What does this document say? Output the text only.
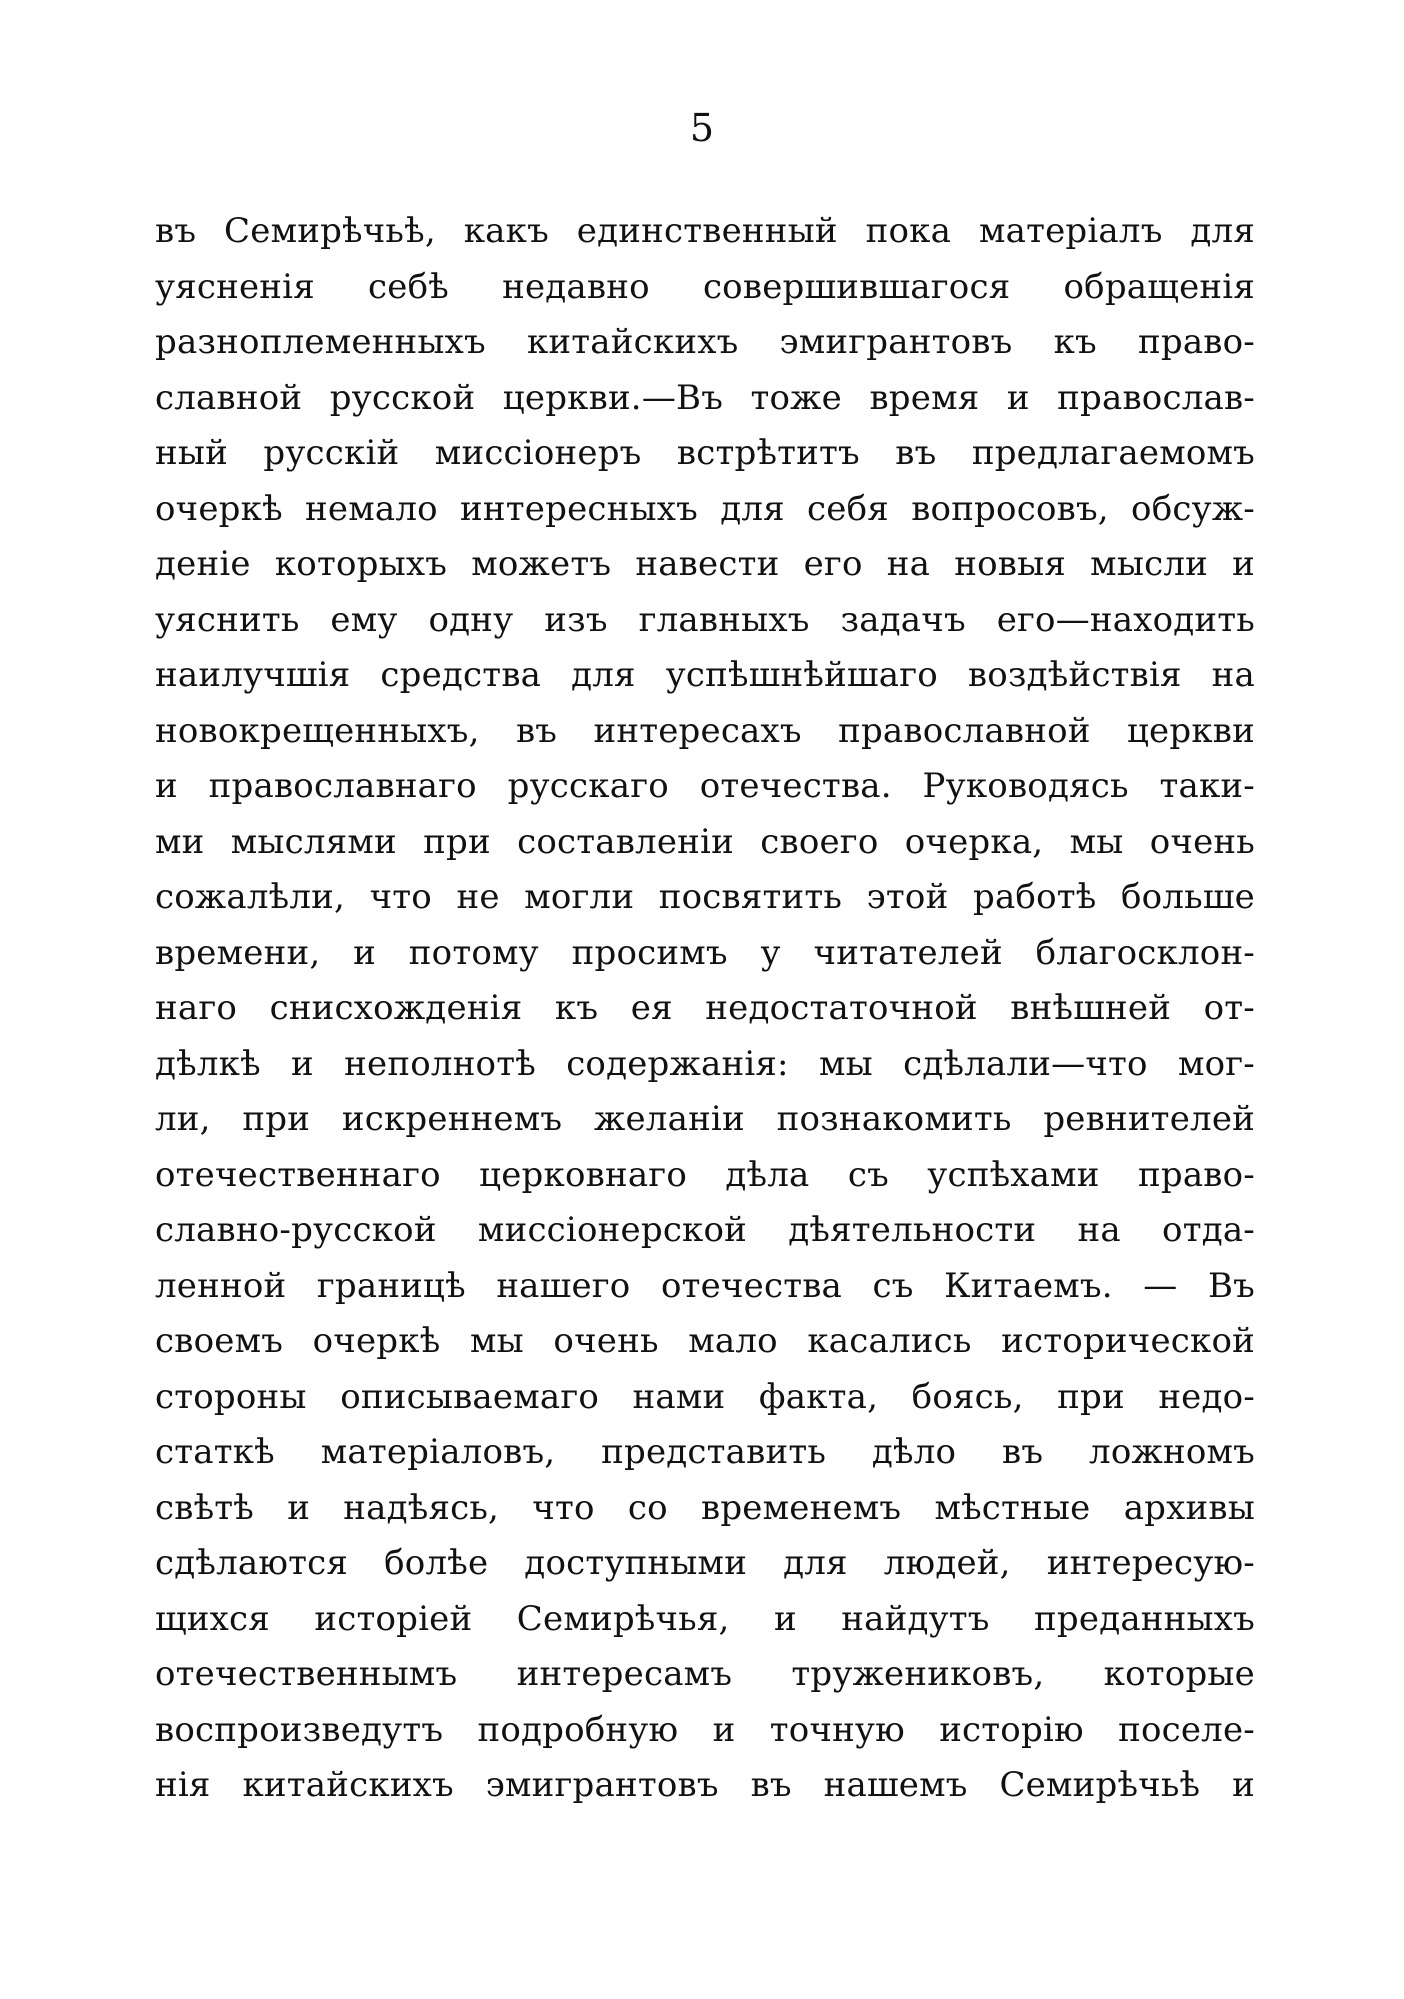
5
въ Семирѣчьѣ, какъ единственный пока матеріалъ для
уясненія себѣ недавно совершившагося обращенія
разноплеменныхъ китайскихъ эмигрантовъ къ право-
славной русской церкви.—Въ тоже время и православ-
ный русскій миссіонеръ встрѣтитъ въ предлагаемомъ
очеркѣ немало интересныхъ для себя вопросовъ, обсуж-
деніе которыхъ можетъ навести его на новыя мысли и
уяснить ему одну изъ главныхъ задачъ его—находить
наилучшія средства для успѣшнѣйшаго воздѣйствія на
новокрещенныхъ, въ интересахъ православной церкви
и православнаго русскаго отечества. Руководясь таки-
ми мыслями при составленіи своего очерка, мы очень
сожалѣли, что не могли посвятить этой работѣ больше
времени, и потому просимъ у читателей благосклон-
наго снисхожденія къ ея недостаточной внѣшней от-
дѣлкѣ и неполнотѣ содержанія: мы сдѣлали—что мог-
ли, при искреннемъ желаніи познакомить ревнителей
отечественнаго церковнаго дѣла съ успѣхами право-
славно-русской миссіонерской дѣятельности на отда-
ленной границѣ нашего отечества съ Китаемъ. — Въ
своемъ очеркѣ мы очень мало касались исторической
стороны описываемаго нами факта, боясь, при недо-
статкѣ матеріаловъ, представить дѣло въ ложномъ
свѣтѣ и надѣясь, что со временемъ мѣстные архивы
сдѣлаются болѣе доступными для людей, интересую-
щихся исторіей Семирѣчья, и найдутъ преданныхъ
отечественнымъ интересамъ тружениковъ, которые
воспроизведутъ подробную и точную исторію поселе-
нія китайскихъ эмигрантовъ въ нашемъ Семирѣчьѣ и
